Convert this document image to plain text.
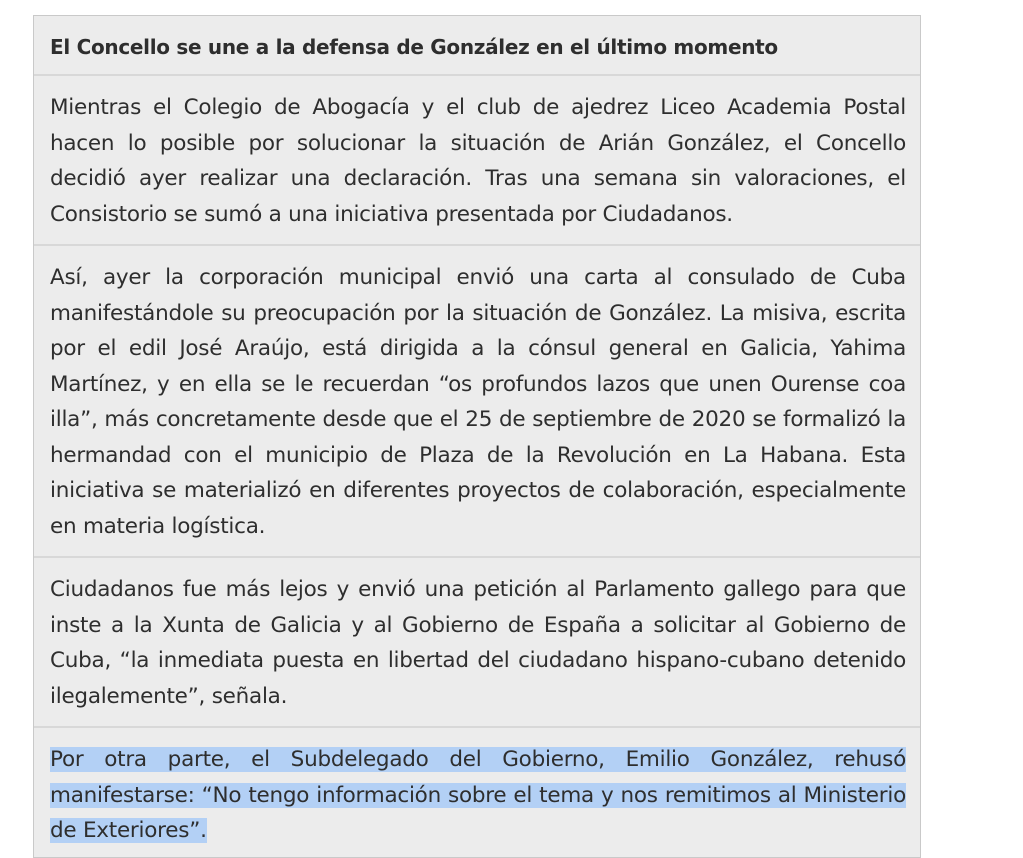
El Concello se une a la defensa de González en el último momento
Mientras el Colegio de Abogacía y el club de ajedrez Liceo Academia Postal hacen lo posible por solucionar la situación de Arián González, el Concello decidió ayer realizar una declaración. Tras una semana sin valoraciones, el Consistorio se sumó a una iniciativa presentada por Ciudadanos.
Así, ayer la corporación municipal envió una carta al consulado de Cuba manifestándole su preocupación por la situación de González. La misiva, escrita por el edil José Araújo, está dirigida a la cónsul general en Galicia, Yahima Martínez, y en ella se le recuerdan “os profundos lazos que unen Ourense coa illa”, más concretamente desde que el 25 de septiembre de 2020 se formalizó la hermandad con el municipio de Plaza de la Revolución en La Habana. Esta iniciativa se materializó en diferentes proyectos de colaboración, especialmente en materia logística.
Ciudadanos fue más lejos y envió una petición al Parlamento gallego para que inste a la Xunta de Galicia y al Gobierno de España a solicitar al Gobierno de Cuba, “la inmediata puesta en libertad del ciudadano hispano-cubano detenido ilegalemente”, señala.
Por otra parte, el Subdelegado del Gobierno, Emilio González, rehusó manifestarse: “No tengo información sobre el tema y nos remitimos al Ministerio de Exteriores”.
